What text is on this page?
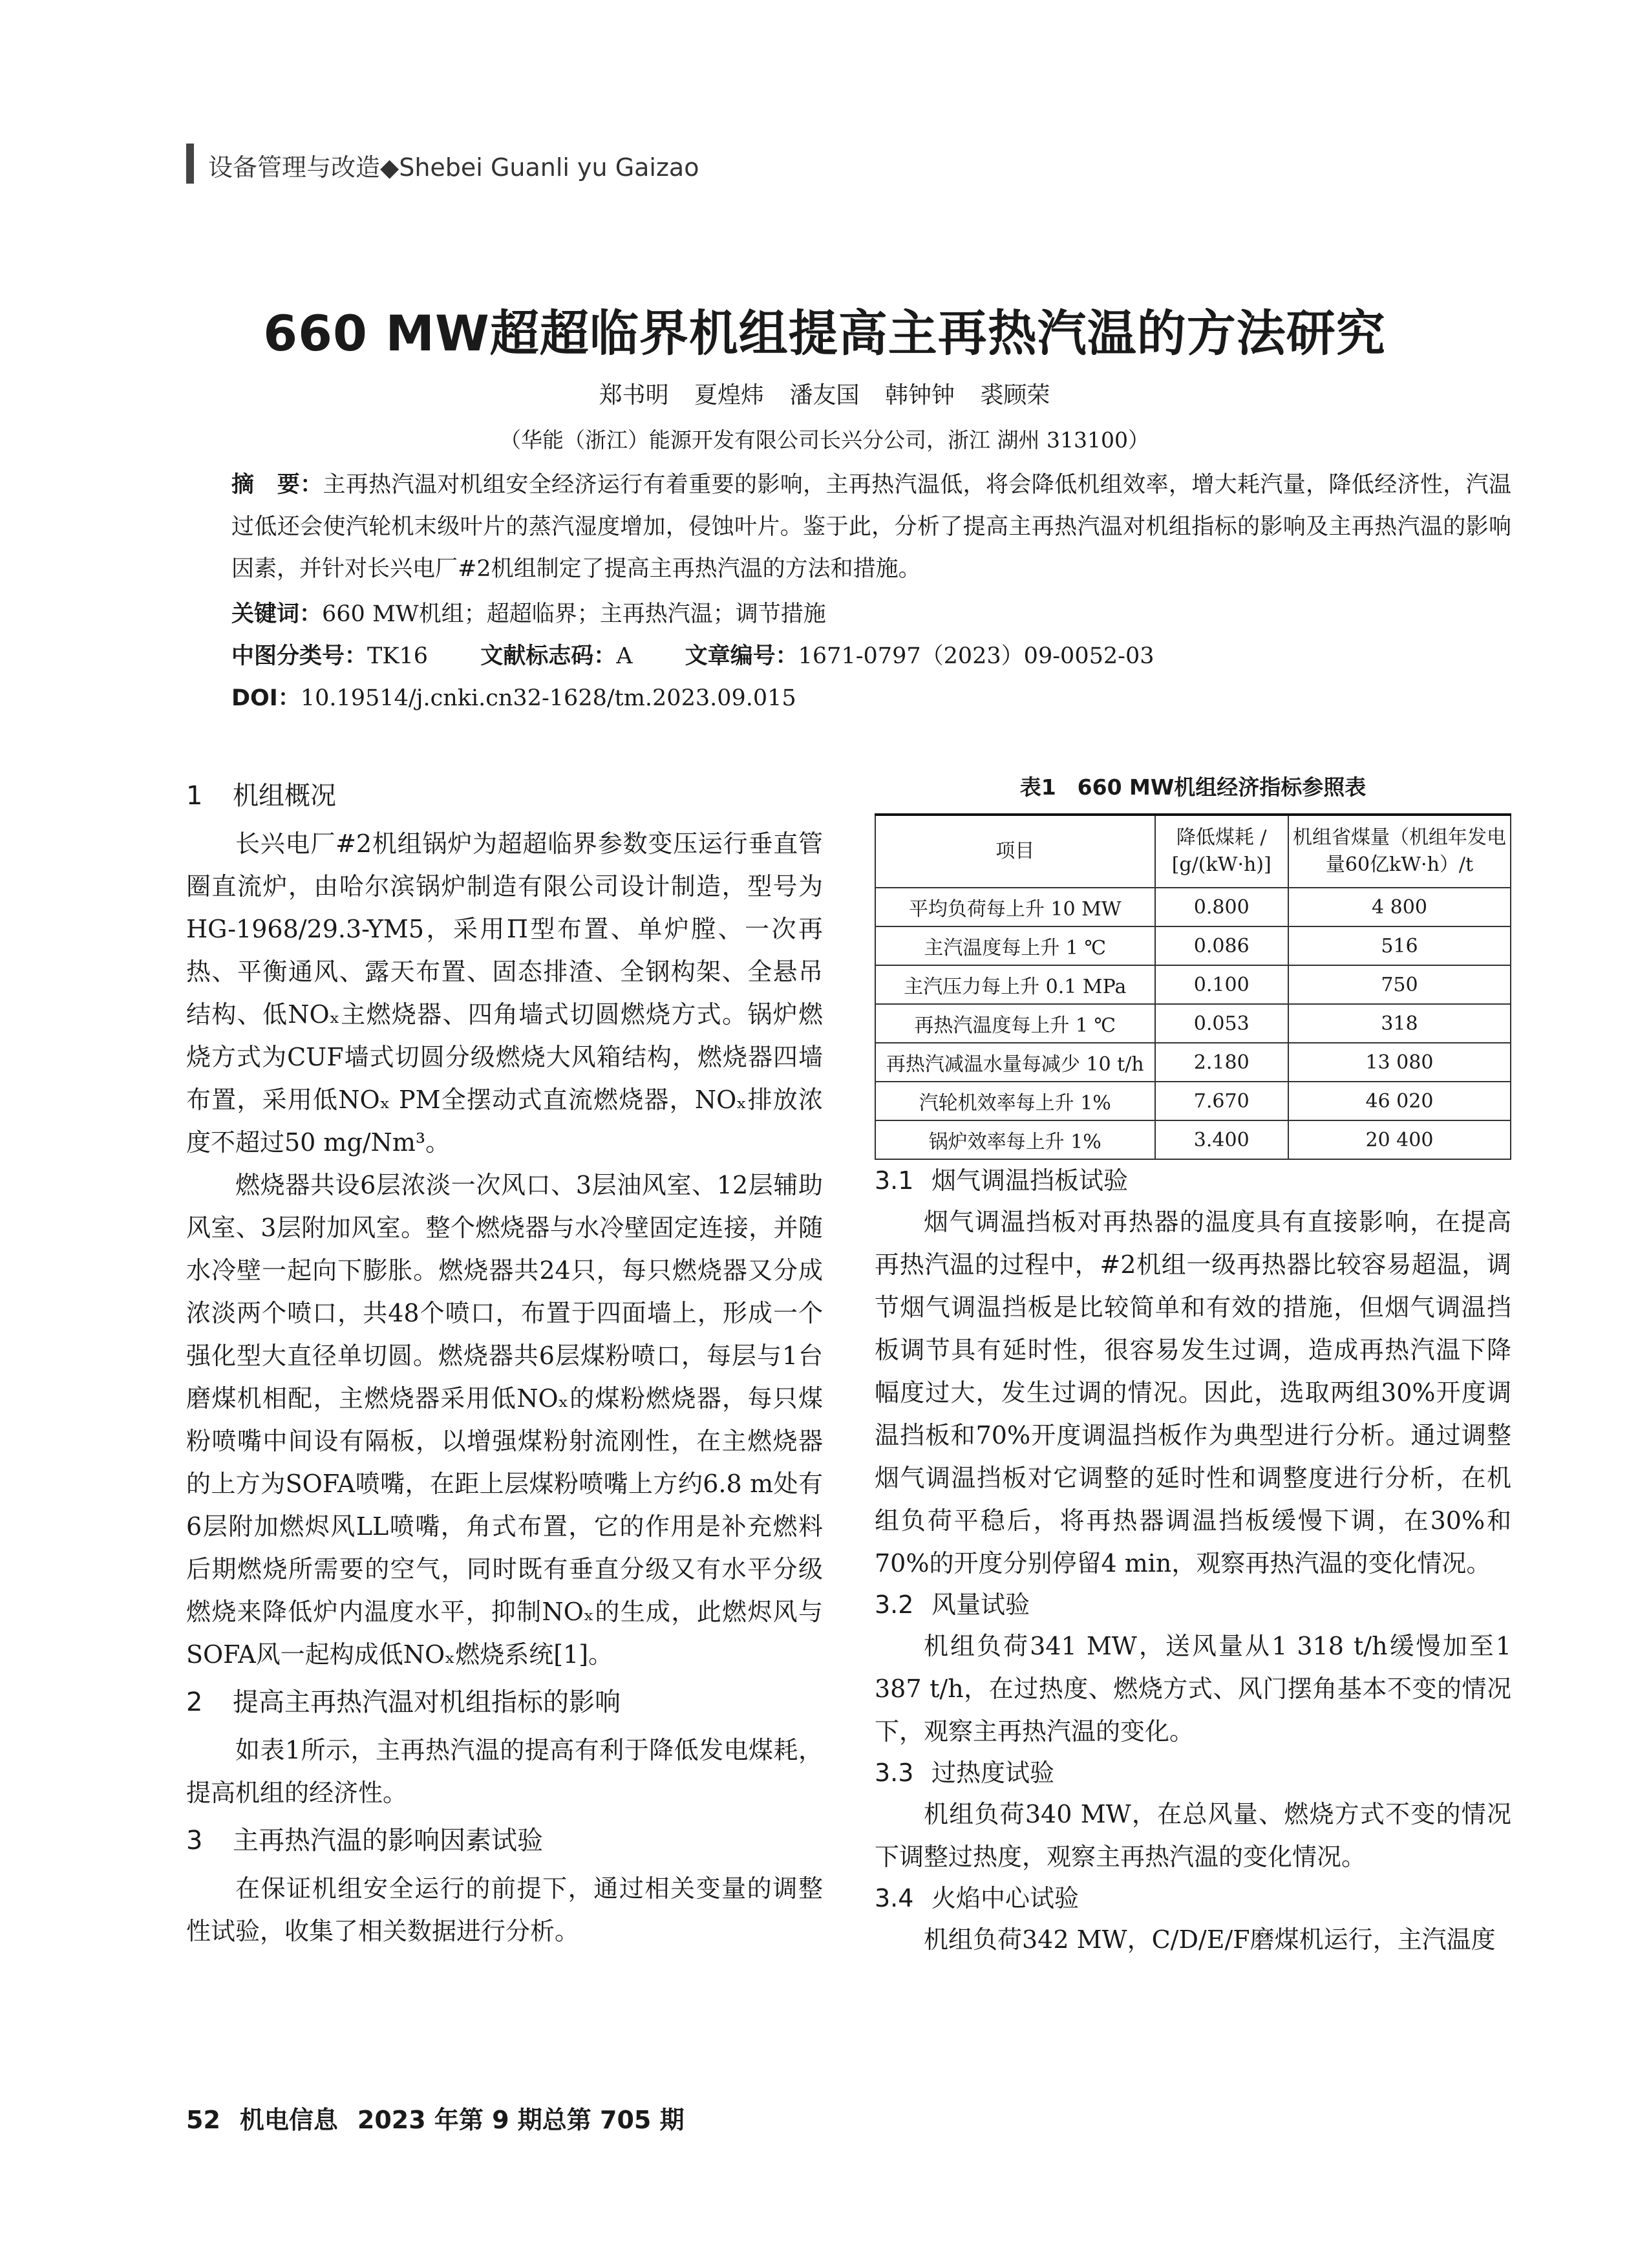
设备管理与改造◆Shebei Guanli yu Gaizao
660 MW超超临界机组提高主再热汽温的方法研究
郑书明 夏煌炜 潘友国 韩钟钟 裘顾荣
（华能（浙江）能源开发有限公司长兴分公司，浙江 湖州 313100）
摘　要：主再热汽温对机组安全经济运行有着重要的影响，主再热汽温低，将会降低机组效率，增大耗汽量，降低经济性，汽温过低还会使汽轮机末级叶片的蒸汽湿度增加，侵蚀叶片。鉴于此，分析了提高主再热汽温对机组指标的影响及主再热汽温的影响因素，并针对长兴电厂#2机组制定了提高主再热汽温的方法和措施。
关键词：660 MW机组；超超临界；主再热汽温；调节措施
中图分类号：TK16 文献标志码：A 文章编号：1671-0797（2023）09-0052-03
DOI：10.19514/j.cnki.cn32-1628/tm.2023.09.015
1 机组概况

长兴电厂#2机组锅炉为超超临界参数变压运行垂直管圈直流炉，由哈尔滨锅炉制造有限公司设计制造，型号为HG-1968/29.3-YM5，采用Π型布置、单炉膛、一次再热、平衡通风、露天布置、固态排渣、全钢构架、全悬吊结构、低NOₓ主燃烧器、四角墙式切圆燃烧方式。锅炉燃烧方式为CUF墙式切圆分级燃烧大风箱结构，燃烧器四墙布置，采用低NOₓ PM全摆动式直流燃烧器，NOₓ排放浓度不超过50 mg/Nm³。

燃烧器共设6层浓淡一次风口、3层油风室、12层辅助风室、3层附加风室。整个燃烧器与水冷壁固定连接，并随水冷壁一起向下膨胀。燃烧器共24只，每只燃烧器又分成浓淡两个喷口，共48个喷口，布置于四面墙上，形成一个强化型大直径单切圆。燃烧器共6层煤粉喷口，每层与1台磨煤机相配，主燃烧器采用低NOₓ的煤粉燃烧器，每只煤粉喷嘴中间设有隔板，以增强煤粉射流刚性，在主燃烧器的上方为SOFA喷嘴，在距上层煤粉喷嘴上方约6.8 m处有6层附加燃烬风LL喷嘴，角式布置，它的作用是补充燃料后期燃烧所需要的空气，同时既有垂直分级又有水平分级燃烧来降低炉内温度水平，抑制NOₓ的生成，此燃烬风与SOFA风一起构成低NOₓ燃烧系统[1]。

2 提高主再热汽温对机组指标的影响

如表1所示，主再热汽温的提高有利于降低发电煤耗，提高机组的经济性。

3 主再热汽温的影响因素试验

在保证机组安全运行的前提下，通过相关变量的调整性试验，收集了相关数据进行分析。

表1　660 MW机组经济指标参照表
项目	降低煤耗 / [g/(kW·h)]	机组省煤量（机组年发电量60亿kW·h）/t
平均负荷每上升 10 MW	0.800	4 800
主汽温度每上升 1 ℃	0.086	516
主汽压力每上升 0.1 MPa	0.100	750
再热汽温度每上升 1 ℃	0.053	318
再热汽减温水量每减少 10 t/h	2.180	13 080
汽轮机效率每上升 1%	7.670	46 020
锅炉效率每上升 1%	3.400	20 400
3.1 烟气调温挡板试验

烟气调温挡板对再热器的温度具有直接影响，在提高再热汽温的过程中，#2机组一级再热器比较容易超温，调节烟气调温挡板是比较简单和有效的措施，但烟气调温挡板调节具有延时性，很容易发生过调，造成再热汽温下降幅度过大，发生过调的情况。因此，选取两组30%开度调温挡板和70%开度调温挡板作为典型进行分析。通过调整烟气调温挡板对它调整的延时性和调整度进行分析，在机组负荷平稳后，将再热器调温挡板缓慢下调，在30%和70%的开度分别停留4 min，观察再热汽温的变化情况。

3.2 风量试验

机组负荷341 MW，送风量从1 318 t/h缓慢加至1 387 t/h，在过热度、燃烧方式、风门摆角基本不变的情况下，观察主再热汽温的变化。

3.3 过热度试验

机组负荷340 MW，在总风量、燃烧方式不变的情况下调整过热度，观察主再热汽温的变化情况。

3.4 火焰中心试验

机组负荷342 MW，C/D/E/F磨煤机运行，主汽温度

52 机电信息 2023 年第 9 期总第 705 期
